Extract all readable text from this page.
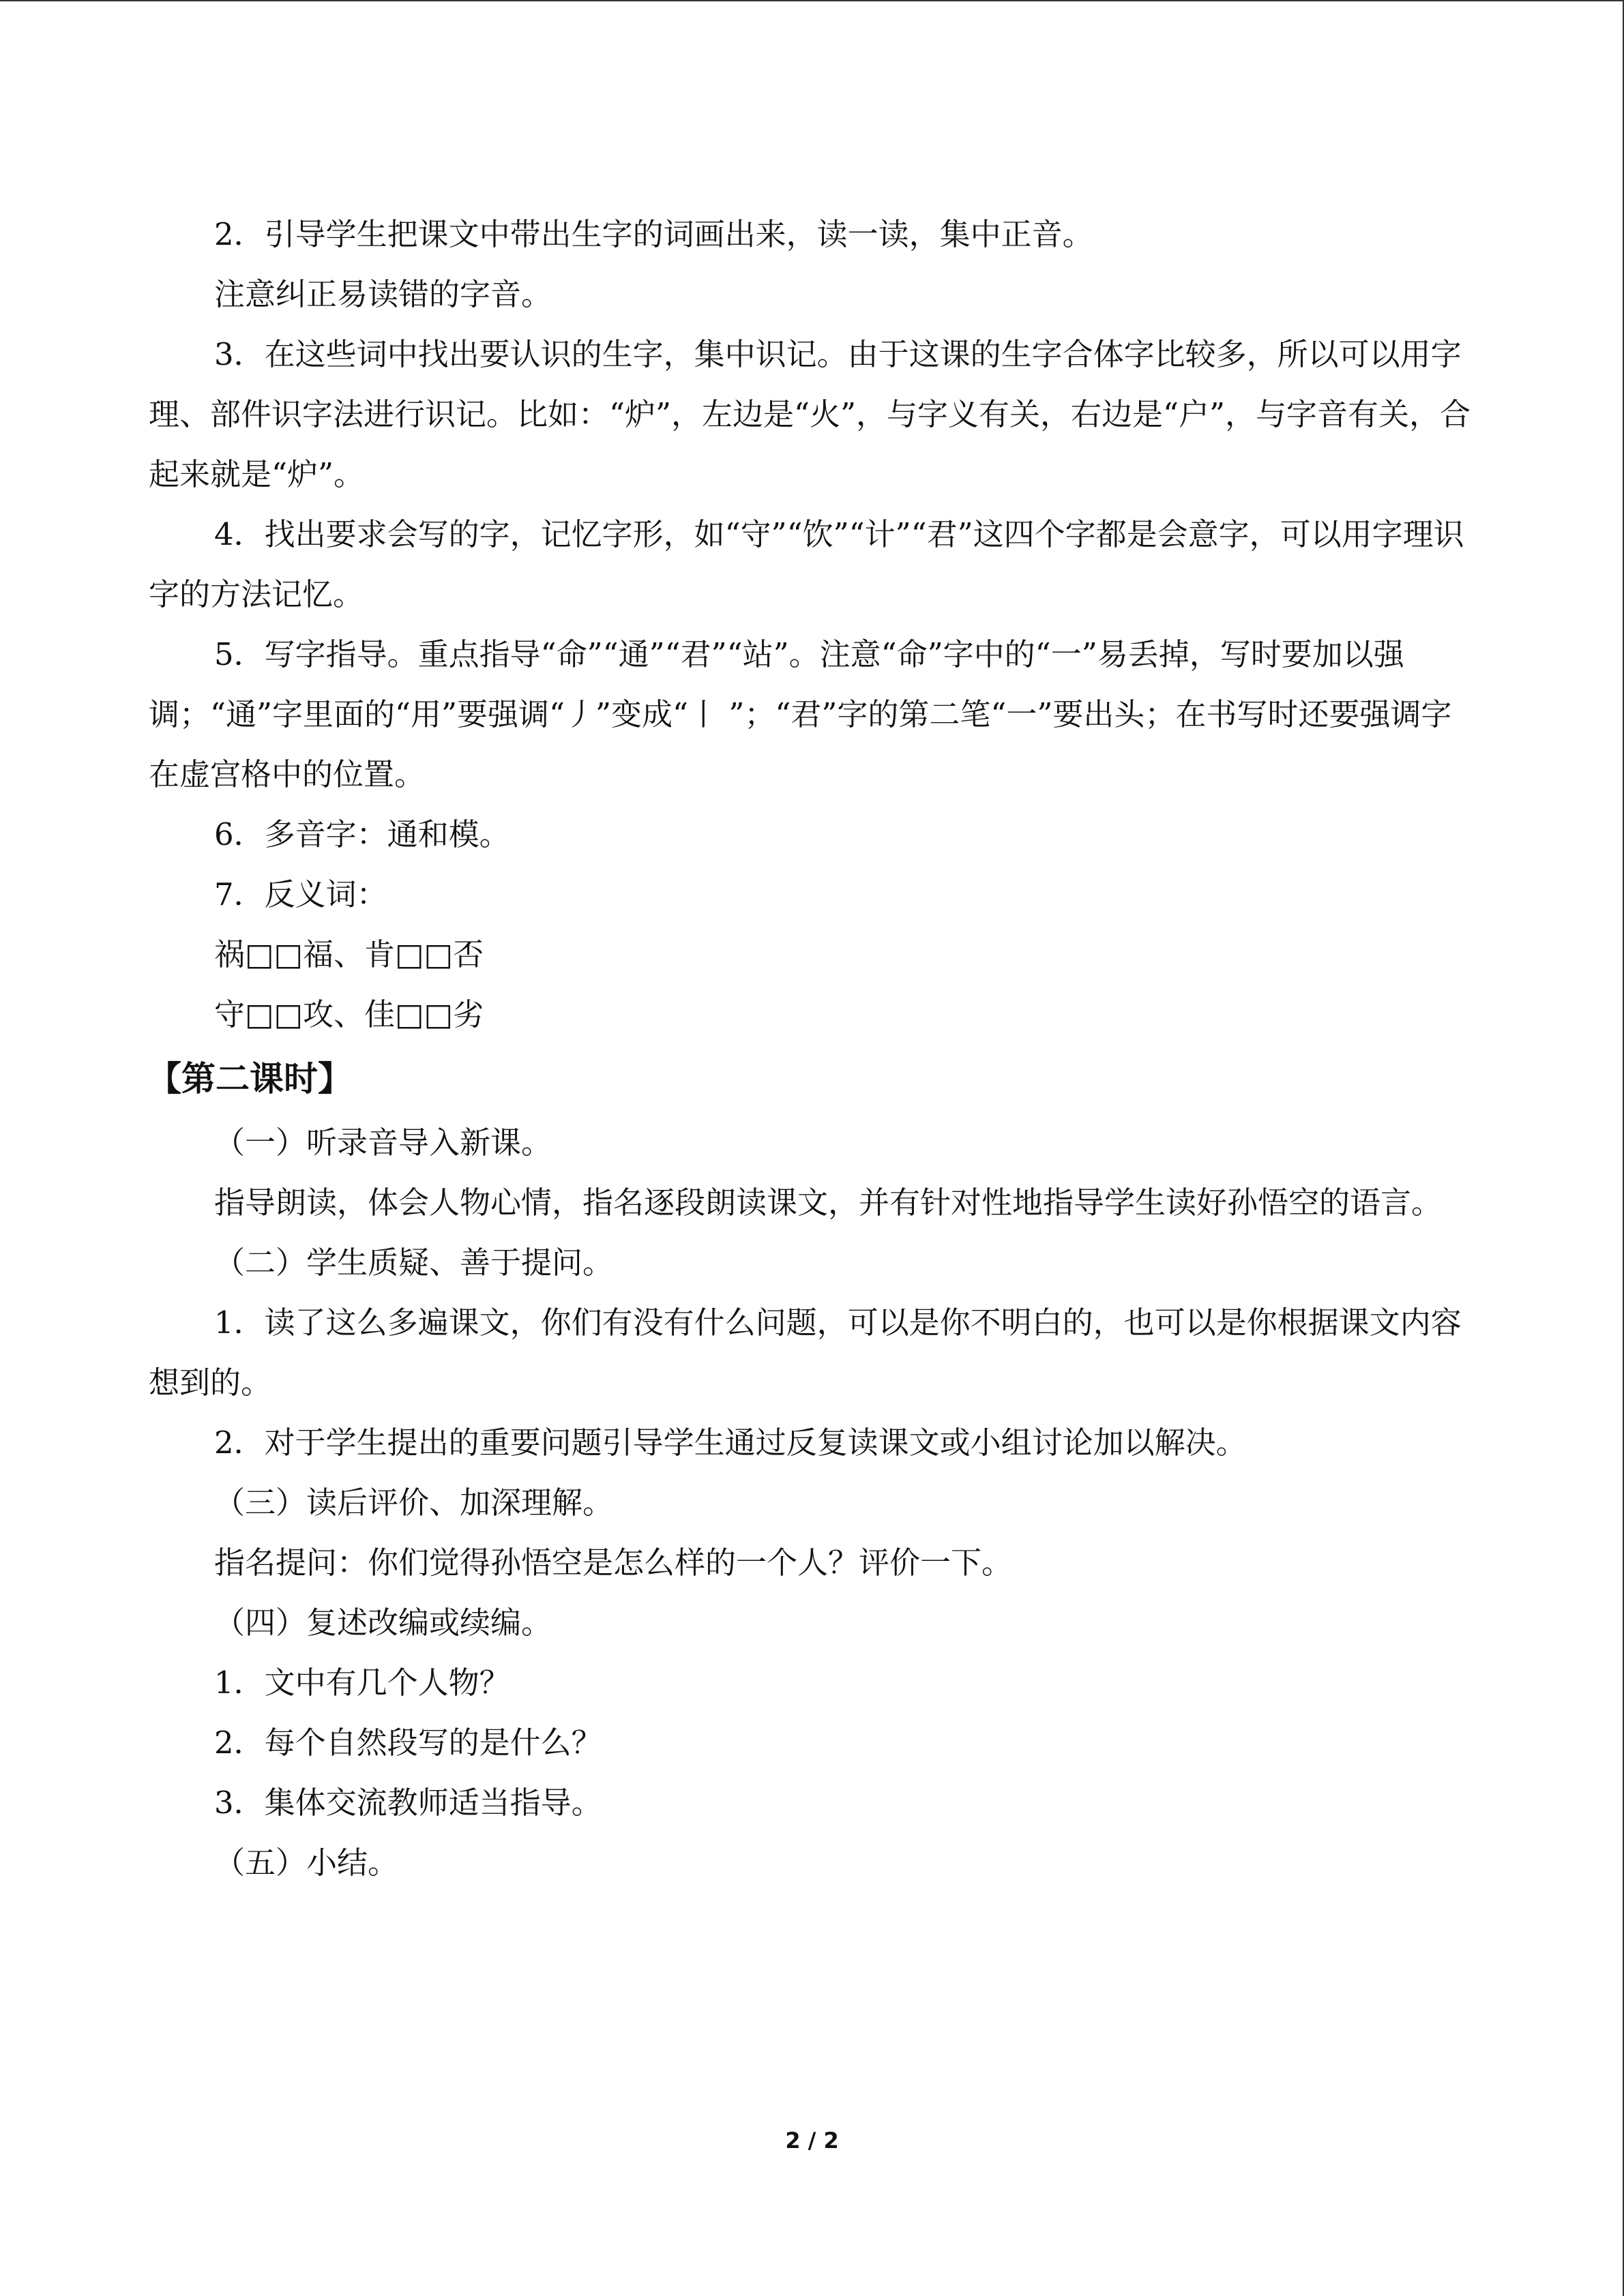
2．引导学生把课文中带出生字的词画出来，读一读，集中正音。

注意纠正易读错的字音。

3．在这些词中找出要认识的生字，集中识记。由于这课的生字合体字比较多，所以可以用字理、部件识字法进行识记。比如：“炉”，左边是“火”，与字义有关，右边是“户”，与字音有关，合起来就是“炉”。

4．找出要求会写的字，记忆字形，如“守”“饮”“计”“君”这四个字都是会意字，可以用字理识字的方法记忆。

5．写字指导。重点指导“命”“通”“君”“站”。注意“命”字中的“一”易丢掉，写时要加以强调；“通”字里面的“用”要强调“丿”变成“丨 ”；“君”字的第二笔“一”要出头；在书写时还要强调字在虚宫格中的位置。

6．多音字：通和模。

7．反义词：

祸□□福、肯□□否

守□□攻、佳□□劣

【第二课时】

（一）听录音导入新课。

指导朗读，体会人物心情，指名逐段朗读课文，并有针对性地指导学生读好孙悟空的语言。

（二）学生质疑、善于提问。

1．读了这么多遍课文，你们有没有什么问题，可以是你不明白的，也可以是你根据课文内容想到的。

2．对于学生提出的重要问题引导学生通过反复读课文或小组讨论加以解决。

（三）读后评价、加深理解。

指名提问：你们觉得孙悟空是怎么样的一个人？评价一下。

（四）复述改编或续编。

1．文中有几个人物？

2．每个自然段写的是什么？

3．集体交流教师适当指导。

（五）小结。

2 / 2
